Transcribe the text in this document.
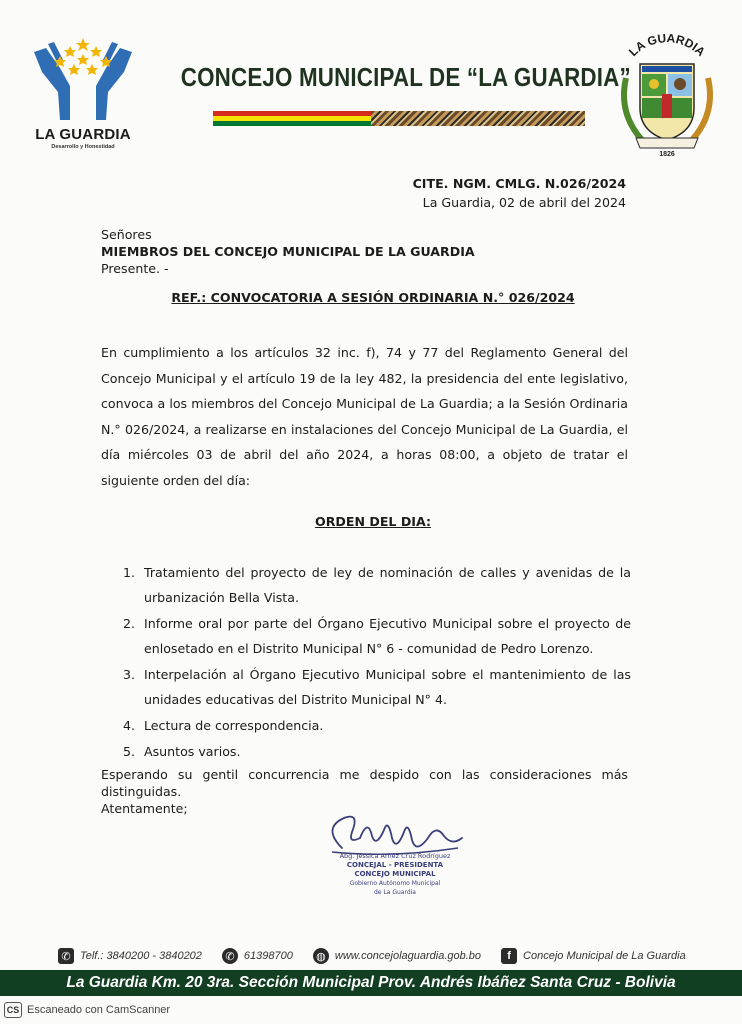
LA GUARDIA
Desarrollo y Honestidad
CONCEJO MUNICIPAL DE “LA GUARDIA”
LA GUARDIA
1826
CITE. NGM. CMLG. N.026/2024
La Guardia, 02 de abril del 2024
Señores
MIEMBROS DEL CONCEJO MUNICIPAL DE LA GUARDIA
Presente. -
REF.: CONVOCATORIA A SESIÓN ORDINARIA N.° 026/2024
En cumplimiento a los artículos 32 inc. f), 74 y 77 del Reglamento General del Concejo Municipal y el artículo 19 de la ley 482, la presidencia del ente legislativo, convoca a los miembros del Concejo Municipal de La Guardia; a la Sesión Ordinaria N.° 026/2024, a realizarse en instalaciones del Concejo Municipal de La Guardia, el día miércoles 03 de abril del año 2024, a horas 08:00, a objeto de tratar el siguiente orden del día:
ORDEN DEL DIA:
1. Tratamiento del proyecto de ley de nominación de calles y avenidas de la urbanización Bella Vista.
2. Informe oral por parte del Órgano Ejecutivo Municipal sobre el proyecto de enlosetado en el Distrito Municipal N° 6 - comunidad de Pedro Lorenzo.
3. Interpelación al Órgano Ejecutivo Municipal sobre el mantenimiento de las unidades educativas del Distrito Municipal N° 4.
4. Lectura de correspondencia.
5. Asuntos varios.
Esperando su gentil concurrencia me despido con las consideraciones más distinguidas.
Atentamente;
Abg. Jessica Arnez Cruz Rodríguez
CONCEJAL - PRESIDENTA
CONCEJO MUNICIPAL
Gobierno Autónomo Municipal
de La Guardia
✆ Telf.: 3840200 - 3840202	✆ 61398700 ◍ www.concejolaguardia.gob.bo	f	Concejo Municipal de La Guardia
La Guardia Km. 20 3ra. Sección Municipal Prov. Andrés Ibáñez Santa Cruz - Bolivia
CS Escaneado con CamScanner
